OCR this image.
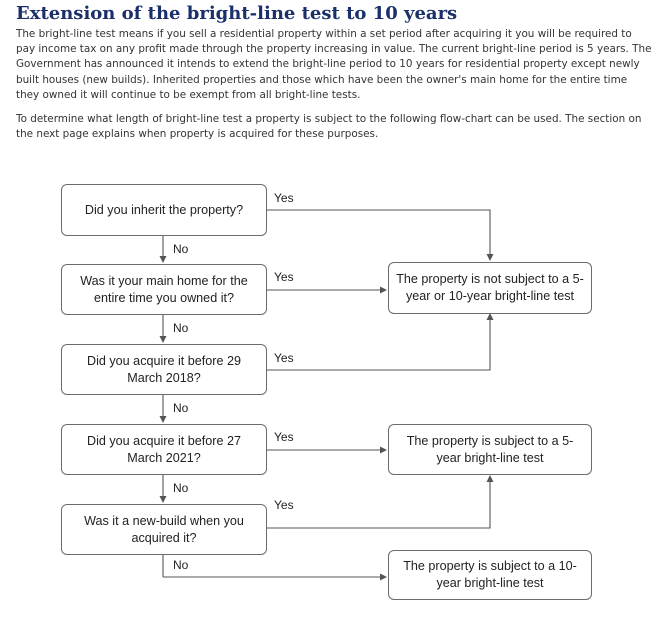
Extension of the bright-line test to 10 years

The bright-line test means if you sell a residential property within a set period after acquiring it you will be required to pay income tax on any profit made through the property increasing in value. The current bright-line period is 5 years. The Government has announced it intends to extend the bright-line period to 10 years for residential property except newly built houses (new builds). Inherited properties and those which have been the owner's main home for the entire time they owned it will continue to be exempt from all bright-line tests.

To determine what length of bright-line test a property is subject to the following flow-chart can be used. The section on the next page explains when property is acquired for these purposes.

Did you inherit the property?
Was it your main home for the entire time you owned it?
Did you acquire it before 29 March 2018?
Did you acquire it before 27 March 2021?
Was it a new-build when you acquired it?
The property is not subject to a 5-year or 10-year bright-line test
The property is subject to a 5-year bright-line test
The property is subject to a 10-year bright-line test
Yes
Yes
Yes
Yes
Yes
No
No
No
No
No
